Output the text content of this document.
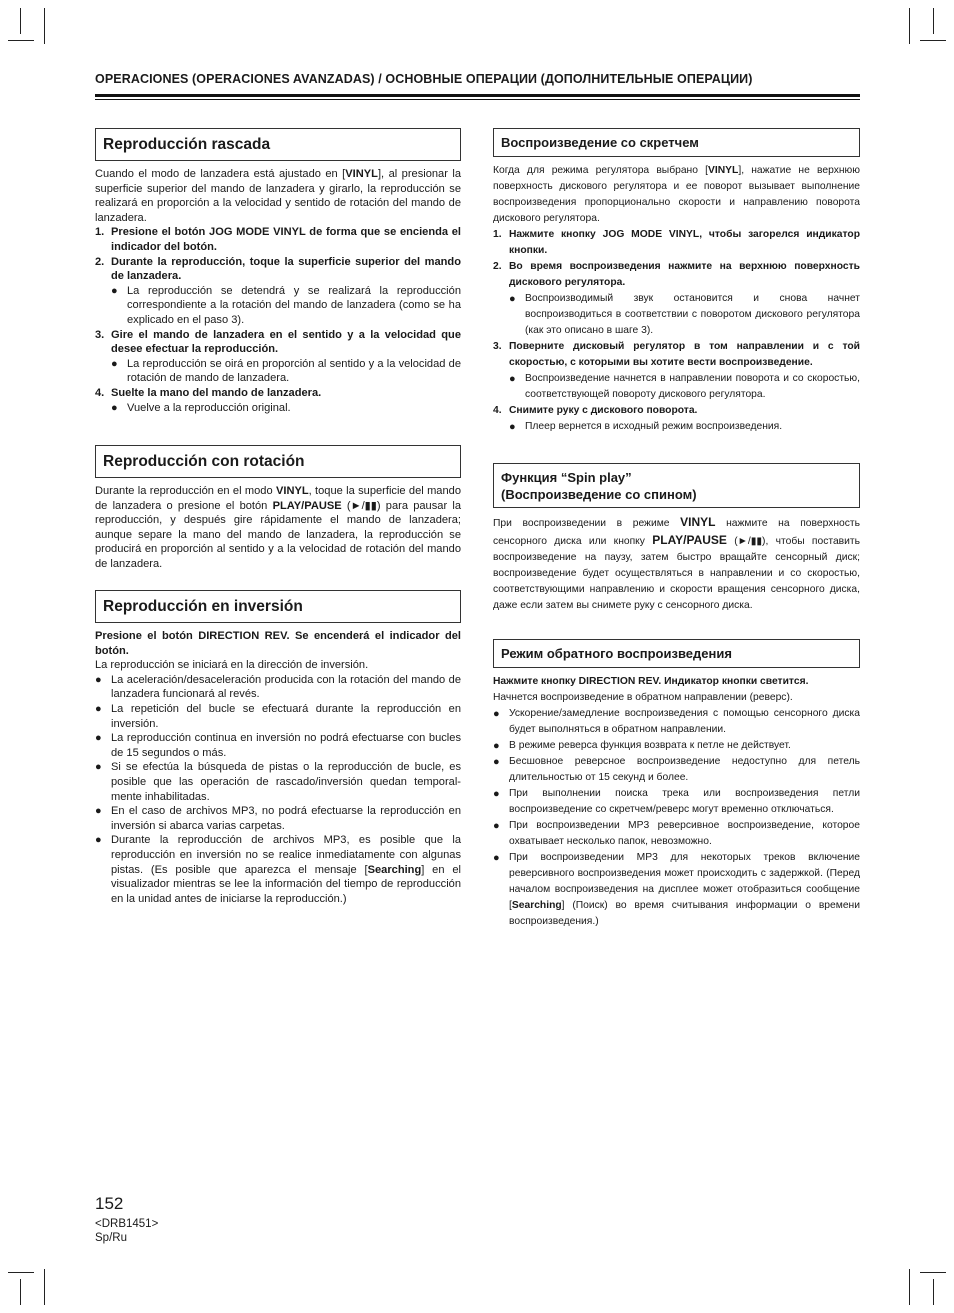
OPERACIONES (OPERACIONES AVANZADAS) / ОСНОВНЫЕ ОПЕРАЦИИ (ДОПОЛНИТЕЛЬНЫЕ ОПЕРАЦИИ)
Reproducción rascada

Cuando el modo de lanzadera está ajustado en [VINYL], al presionar la superficie superior del mando de lanzadera y girarlo, la reproducción se realizará en proporción a la velocidad y sentido de rotación del mando de lanzadera.

1. Presione el botón JOG MODE VINYL de forma que se encienda el indicador del botón.

2. Durante la reproducción, toque la superficie superior del mando de lanzadera.

● La reproducción se detendrá y se realizará la reproducción correspondiente a la rotación del mando de lanzadera (como se ha explicado en el paso 3).

3. Gire el mando de lanzadera en el sentido y a la velocidad que desee efectuar la reproducción.

● La reproducción se oirá en proporción al sentido y a la velocidad de rotación de mando de lanzadera.

4. Suelte la mano del mando de lanzadera.

● Vuelve a la reproducción original.

Reproducción con rotación

Durante la reproducción en el modo VINYL, toque la superficie del mando de lanzadera o presione el botón PLAY/PAUSE (►/▮▮) para pausar la reproducción, y después gire rápidamente el mando de lanzadera; aunque separe la mano del mando de lanzadera, la reproducción se producirá en proporción al sentido y a la velocidad de rotación del mando de lanzadera.

Reproducción en inversión

Presione el botón DIRECTION REV. Se encenderá el indicador del botón.

La reproducción se iniciará en la dirección de inversión.

● La aceleración/desaceleración producida con la rotación del mando de lanzadera funcionará al revés.

● La repetición del bucle se efectuará durante la reproducción en inversión.

● La reproducción continua en inversión no podrá efectuarse con bucles de 15 segundos o más.

● Si se efectúa la búsqueda de pistas o la reproducción de bucle, es posible que las operación de rascado/inversión quedan temporal-mente inhabilitadas.

● En el caso de archivos MP3, no podrá efectuarse la reproducción en inversión si abarca varias carpetas.

● Durante la reproducción de archivos MP3, es posible que la reproducción en inversión no se realice inmediatamente con algunas pistas. (Es posible que aparezca el mensaje [Searching] en el visualizador mientras se lee la información del tiempo de reproducción en la unidad antes de iniciarse la reproducción.)

Воспроизведение со скретчем

Когда для режима регулятора выбрано [VINYL], нажатие не верхнюю поверхность дискового регулятора и ее поворот вызывает выполнение воспроизведения пропорционально скорости и направлению поворота дискового регулятора.

1. Нажмите кнопку JOG MODE VINYL, чтобы загорелся индикатор кнопки.

2. Во время воспроизведения нажмите на верхнюю поверхность дискового регулятора.

● Воспроизводимый звук остановится и снова начнет воспроизводиться в соответствии с поворотом дискового регулятора (как это описано в шаге 3).

3. Поверните дисковый регулятор в том направлении и с той скоростью, с которыми вы хотите вести воспроизведение.

● Воспроизведение начнется в направлении поворота и со скоростью, соответствующей повороту дискового регулятора.

4. Снимите руку с дискового поворота.

● Плеер вернется в исходный режим воспроизведения.

Функция “Spin play”
(Воспроизведение со спином)

При воспроизведении в режиме VINYL нажмите на поверхность сенсорного диска или кнопку PLAY/PAUSE (►/▮▮), чтобы поставить воспроизведение на паузу, затем быстро вращайте сенсорный диск; воспроизведение будет осуществляться в направлении и со скоростью, соответствующими направлению и скорости вращения сенсорного диска, даже если затем вы снимете руку с сенсорного диска.

Режим обратного воспроизведения

Нажмите кнопку DIRECTION REV. Индикатор кнопки светится.

Начнется воспроизведение в обратном направлении (реверс).

● Ускорение/замедление воспроизведения с помощью сенсорного диска будет выполняться в обратном направлении.

● В режиме реверса функция возврата к петле не действует.

● Бесшовное реверсное воспроизведение недоступно для петель длительностью от 15 секунд и более.

● При выполнении поиска трека или воспроизведения петли воспроизведение со скретчем/реверс могут временно отключаться.

● При воспроизведении MP3 реверсивное воспроизведение, которое охватывает несколько папок, невозможно.

● При воспроизведении MP3 для некоторых треков включение реверсивного воспроизведения может происходить с задержкой. (Перед началом воспроизведения на дисплее может отобразиться сообщение [Searching] (Поиск) во время считывания информации о времени воспроизведения.)

152
<DRB1451>
Sp/Ru
